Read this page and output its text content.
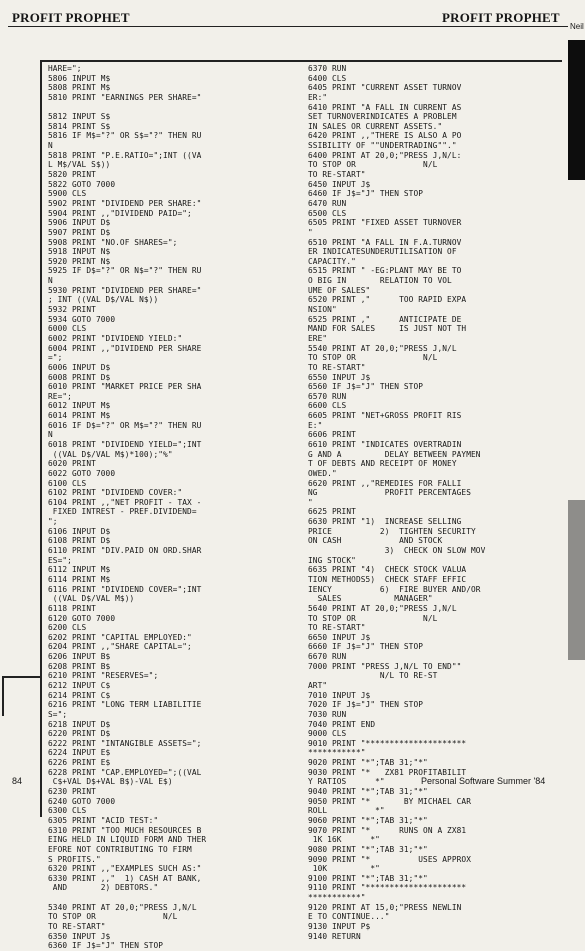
PROFIT PROPHET	PROFIT PROPHET
Neil
HARE=";
5806 INPUT M$
5808 PRINT M$
5810 PRINT "EARNINGS PER SHARE="
5812 INPUT S$
5814 PRINT S$
5816 IF M$="?" OR S$="?" THEN RU
N
5818 PRINT "P.E.RATIO=";INT ((VA
L M$/VAL S$))
5820 PRINT
5822 GOTO 7000
5900 CLS
5902 PRINT "DIVIDEND PER SHARE:"
5904 PRINT ,,"DIVIDEND PAID=";
5906 INPUT D$
5907 PRINT D$
5908 PRINT "NO.OF SHARES=";
5918 INPUT N$
5920 PRINT N$
5925 IF D$="?" OR N$="?" THEN RU
N
5930 PRINT "DIVIDEND PER SHARE="
; INT ((VAL D$/VAL N$))
5932 PRINT
5934 GOTO 7000
6000 CLS
6002 PRINT "DIVIDEND YIELD:"
6004 PRINT ,,"DIVIDEND PER SHARE
=";
6006 INPUT D$
6008 PRINT D$
6010 PRINT "MARKET PRICE PER SHA
RE=";
6012 INPUT M$
6014 PRINT M$
6016 IF D$="?" OR M$="?" THEN RU
N
6018 PRINT "DIVIDEND YIELD=";INT
((VAL D$/VAL M$)*100);"%"
6020 PRINT
6022 GOTO 7000
6100 CLS
6102 PRINT "DIVIDEND COVER:"
6104 PRINT ,,"NET PROFIT - TAX -
FIXED INTREST - PREF.DIVIDEND=
";
6106 INPUT D$
6108 PRINT D$
6110 PRINT "DIV.PAID ON ORD.SHAR
ES=";
6112 INPUT M$
6114 PRINT M$
6116 PRINT "DIVIDEND COVER=";INT
((VAL D$/VAL M$))
6118 PRINT
6120 GOTO 7000
6200 CLS
6202 PRINT "CAPITAL EMPLOYED:"
6204 PRINT ,,"SHARE CAPITAL=";
6206 INPUT B$
6208 PRINT B$
6210 PRINT "RESERVES=";
6212 INPUT C$
6214 PRINT C$
6216 PRINT "LONG TERM LIABILITIE
S=";
6218 INPUT D$
6220 PRINT D$
6222 PRINT "INTANGIBLE ASSETS=";
6224 INPUT E$
6226 PRINT E$
6228 PRINT "CAP.EMPLOYED=";((VAL
C$+VAL D$+VAL B$)-VAL E$)
6230 PRINT
6240 GOTO 7000
6300 CLS
6305 PRINT "ACID TEST:"
6310 PRINT "TOO MUCH RESOURCES B
EING HELD IN LIQUID FORM AND THER
EFORE NOT CONTRIBUTING TO FIRM
S PROFITS."
6320 PRINT ,,"EXAMPLES SUCH AS:"
6330 PRINT ,,"  1) CASH AT BANK,
AND       2) DEBTORS."
5340 PRINT AT 20,0;"PRESS J,N/L
TO STOP OR              N/L
TO RE-START"
6350 INPUT J$
6360 IF J$="J" THEN STOP
6370 RUN
6400 CLS
6405 PRINT "CURRENT ASSET TURNOV
ER:"
6410 PRINT "A FALL IN CURRENT AS
SET TURNOVERINDICATES A PROBLEM
IN SALES OR CURRENT ASSETS."
6420 PRINT ,,"THERE IS ALSO A PO
SSIBILITY OF ""UNDERTRADING""."
6400 PRINT AT 20,0;"PRESS J,N/L:
TO STOP OR              N/L
TO RE-START"
6450 INPUT J$
6460 IF J$="J" THEN STOP
6470 RUN
6500 CLS
6505 PRINT "FIXED ASSET TURNOVER
"
6510 PRINT "A FALL IN F.A.TURNOV
ER INDICATESUNDERUTILISATION OF
CAPACITY."
6515 PRINT " -EG:PLANT MAY BE TO
O BIG IN       RELATION TO VOL
UME OF SALES"
6520 PRINT ,"      TOO RAPID EXPA
NSION"
6525 PRINT ,"      ANTICIPATE DE
MAND FOR SALES     IS JUST NOT TH
ERE"
5540 PRINT AT 20,0;"PRESS J,N/L
TO STOP OR              N/L
TO RE-START"
6550 INPUT J$
6560 IF J$="J" THEN STOP
6570 RUN
6600 CLS
6605 PRINT "NET+GROSS PROFIT RIS
E:"
6606 PRINT
6610 PRINT "INDICATES OVERTRADIN
G AND A         DELAY BETWEEN PAYMEN
T OF DEBTS AND RECEIPT OF MONEY
OWED."
6620 PRINT ,,"REMEDIES FOR FALLI
NG              PROFIT PERCENTAGES
"
6625 PRINT
6630 PRINT "1)  INCREASE SELLING
PRICE          2)  TIGHTEN SECURITY
ON CASH            AND STOCK
3)  CHECK ON SLOW MOV
ING STOCK"
6635 PRINT "4)  CHECK STOCK VALUA
TION METHODS5)  CHECK STAFF EFFIC
IENCY          6)  FIRE BUYER AND/OR
SALES           MANAGER"
5640 PRINT AT 20,0;"PRESS J,N/L
TO STOP OR              N/L
TO RE-START"
6650 INPUT J$
6660 IF J$="J" THEN STOP
6670 RUN
7000 PRINT "PRESS J,N/L TO END""
N/L TO RE-ST
ART"
7010 INPUT J$
7020 IF J$="J" THEN STOP
7030 RUN
7040 PRINT END
9000 CLS
9010 PRINT "*********************
***********"
9020 PRINT "*";TAB 31;"*"
9030 PRINT "*   ZX81 PROFITABILIT
Y RATIOS      *"
9040 PRINT "*";TAB 31;"*"
9050 PRINT "*       BY MICHAEL CAR
ROLL          *"
9060 PRINT "*";TAB 31;"*"
9070 PRINT "*      RUNS ON A ZX81
1K 16K      *"
9080 PRINT "*";TAB 31;"*"
9090 PRINT "*          USES APPROX
10K         *"
9100 PRINT "*";TAB 31;"*"
9110 PRINT "*********************
***********"
9120 PRINT AT 15,0;"PRESS NEWLIN
E TO CONTINUE..."
9130 INPUT P$
9140 RETURN
84	Personal Software Summer '84
